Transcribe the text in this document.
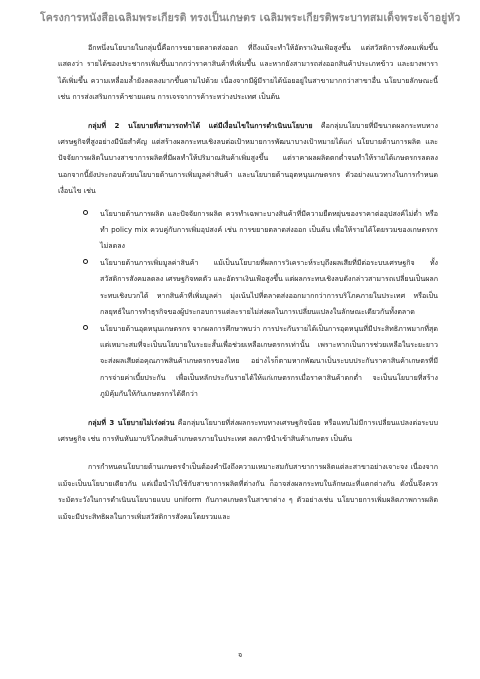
โครงการหนังสือเฉลิมพระเกียรติ ทรงเป็นเกษตร เฉลิมพระเกียรติพระบาทสมเด็จพระเจ้าอยู่หัว

อีกหนึ่งนโยบายในกลุ่มนี้คือการขยายตลาดส่งออก ที่ถึงแม้จะทำให้อัตราเงินเฟ้อสูงขึ้น แต่สวัสดิการสังคมเพิ่มขึ้น แสดงว่า รายได้ของประชากรเพิ่มขึ้นมากกว่าราคาสินค้าที่เพิ่มขึ้น และหากยังสามารถส่งออกสินค้าประเภทข้าว และยางพารา ได้เพิ่มขึ้น ความเหลื่อมล้ำยังลดลงมากขึ้นตามไปด้วย เนื่องจากมีผู้มีรายได้น้อยอยู่ในสาขามากกว่าสาขาอื่น นโยบายลักษณะนี้เช่น การส่งเสริมการค้าชายแดน การเจรจาการค้าระหว่างประเทศ เป็นต้น

กลุ่มที่ 2 นโยบายที่สามารถทำได้ แต่มีเงื่อนไขในการดำเนินนโยบาย คือกลุ่มนโยบายที่มีขนาดผลกระทบทางเศรษฐกิจที่สูงอย่างมีนัยสำคัญ แต่สร้างผลกระทบเชิงลบต่อเป้าหมายการพัฒนาบางเป้าหมายได้แก่ นโยบายด้านการผลิต และปัจจัยการผลิตในบางสาขาการผลิตที่มีผลทำให้ปริมาณสินค้าเพิ่มสูงขึ้น แต่ราคาผลผลิตตกต่ำจนทำให้รายได้เกษตรกรลดลง นอกจากนี้ยังประกอบด้วยนโยบายด้านการเพิ่มมูลค่าสินค้า และนโยบายด้านอุตหนุนเกษตรกร ตัวอย่างแนวทางในการกำหนดเงื่อนไข เช่น

นโยบายด้านการผลิต และปัจจัยการผลิต ควรทำเฉพาะบางสินค้าที่มีความยืดหยุ่นของราคาต่ออุปสงค์ไม่ต่ำ หรือทำ policy mix ควบคู่กับการเพิ่มอุปสงค์ เช่น การขยายตลาดส่งออก เป็นต้น เพื่อให้รายได้โดยรวมของเกษตรกรไม่ลดลง
นโยบายด้านการเพิ่มมูลค่าสินค้า แม้เป็นนโยบายที่ผลการวิเคราะห์ระบุถึงผลเสียที่มีต่อระบบเศรษฐกิจ ทั้งสวัสดิการสังคมลดลง เศรษฐกิจหดตัว และอัตราเงินเฟ้อสูงขึ้น แต่ผลกระทบเชิงลบดังกล่าวสามารถเปลี่ยนเป็นผลกระทบเชิงบวกได้ หากสินค้าที่เพิ่มมูลค่า มุ่งเน้นไปที่ตลาดส่งออกมากกว่าการบริโภคภายในประเทศ หรือเป็นกลยุทธ์ในการทำธุรกิจของผู้ประกอบการแต่ละรายไม่ส่งผลในการเปลี่ยนแปลงในลักษณะเดียวกันทั้งตลาด
นโยบายด้านอุดหนุนเกษตรกร จากผลการศึกษาพบว่า การประกันรายได้เป็นการอุดหนุนที่มีประสิทธิภาพมากที่สุด แต่เหมาะสมที่จะเป็นนโยบายในระยะสั้นเพื่อช่วยเหลือเกษตรกรเท่านั้น เพราะหากเป็นการช่วยเหลือในระยะยาวจะส่งผลเสียต่อคุณภาพสินค้าเกษตรกรของไทย อย่างไรก็ตามหากพัฒนาเป็นระบบประกันราคาสินค้าเกษตรที่มีการจ่ายค่าเบี้ยประกัน เพื่อเป็นหลักประกันรายได้ให้แก่เกษตรกรเมื่อราคาสินค้าตกต่ำ จะเป็นนโยบายที่สร้างภูมิคุ้มกันให้กับเกษตรกรได้ดีกว่า

กลุ่มที่ 3 นโยบายไม่เร่งด่วน คือกลุ่มนโยบายที่ส่งผลกระทบทางเศรษฐกิจน้อย หรือแทบไม่มีการเปลี่ยนแปลงต่อระบบเศรษฐกิจ เช่น การหันหันมาบริโภคสินค้าเกษตรภายในประเทศ ลดภาษีนำเข้าสินค้าเกษตร เป็นต้น

การกำหนดนโยบายด้านเกษตรจำเป็นต้องคำนึงถึงความเหมาะสมกับสาขาการผลิตแต่ละสาขาอย่างเจาะจง เนื่องจากแม้จะเป็นนโยบายเดียวกัน แต่เมื่อนำไปใช้กับสาขาการผลิตที่ต่างกัน ก็อาจส่งผลกระทบในลักษณะที่แตกต่างกัน ดังนั้นจึงควรระมัดระวังในการดำเนินนโยบายแบบ uniform กับภาคเกษตรในสาขาต่าง ๆ ตัวอย่างเช่น นโยบายการเพิ่มผลิตภาพการผลิต แม้จะมีประสิทธิผลในการเพิ่มสวัสดิการสังคมโดยรวมและ

จ
